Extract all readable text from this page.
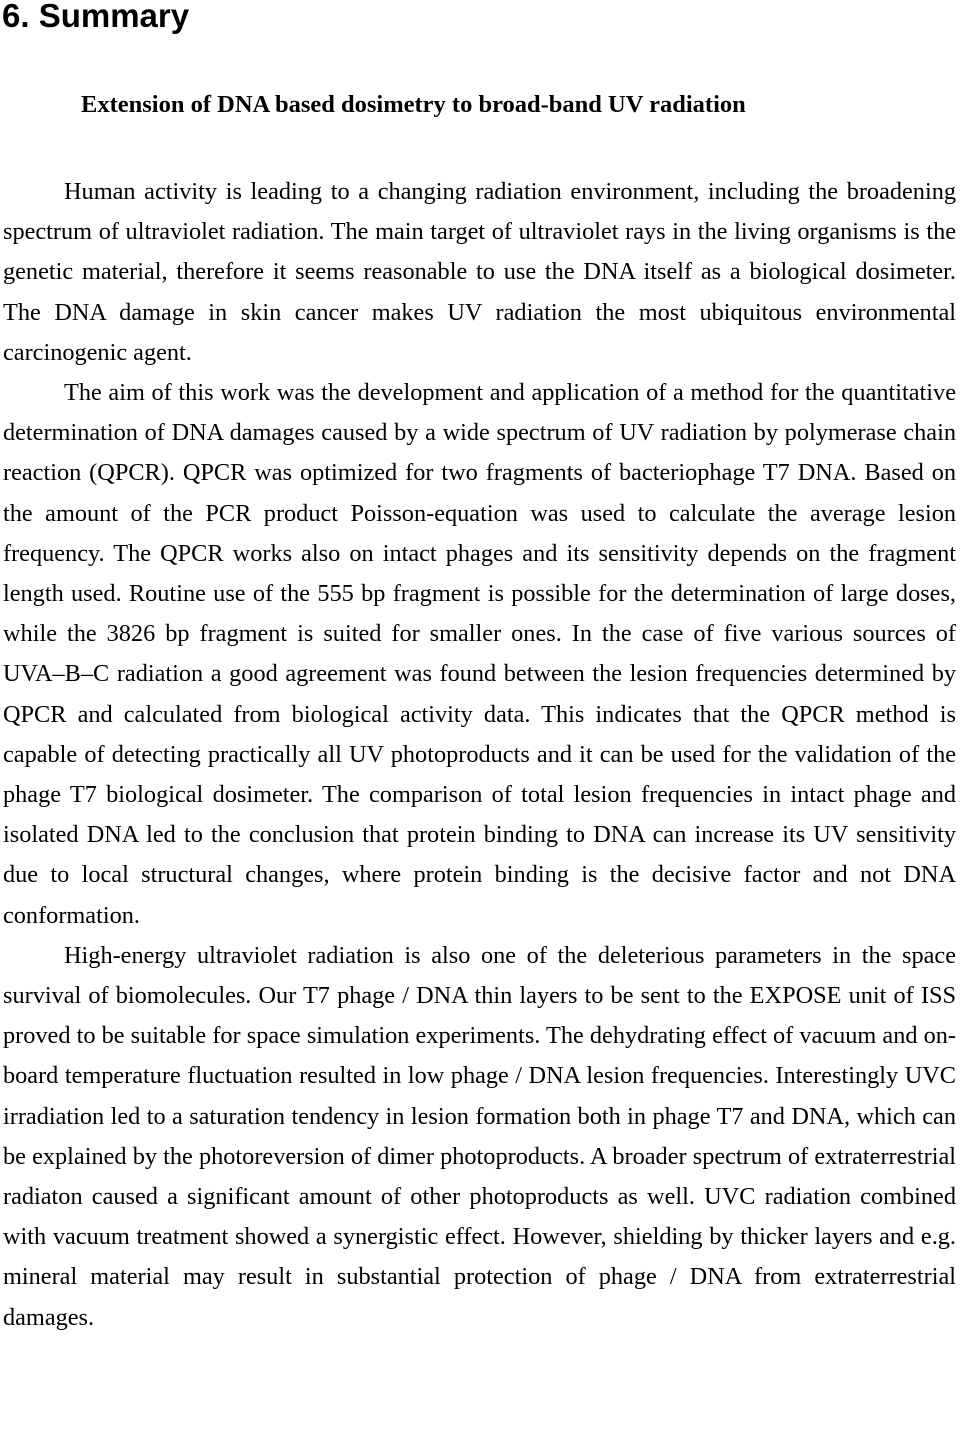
6. Summary
Extension of DNA based dosimetry to broad-band UV radiation

Human activity is leading to a changing radiation environment, including the broadening spectrum of ultraviolet radiation. The main target of ultraviolet rays in the living organisms is the genetic material, therefore it seems reasonable to use the DNA itself as a biological dosimeter. The DNA damage in skin cancer makes UV radiation the most ubiquitous environmental carcinogenic agent.

The aim of this work was the development and application of a method for the quantitative determination of DNA damages caused by a wide spectrum of UV radiation by polymerase chain reaction (QPCR). QPCR was optimized for two fragments of bacteriophage T7 DNA. Based on the amount of the PCR product Poisson-equation was used to calculate the average lesion frequency. The QPCR works also on intact phages and its sensitivity depends on the fragment length used. Routine use of the 555 bp fragment is possible for the determination of large doses, while the 3826 bp fragment is suited for smaller ones. In the case of five various sources of UVA–B–C radiation a good agreement was found between the lesion frequencies determined by QPCR and calculated from biological activity data. This indicates that the QPCR method is capable of detecting practically all UV photoproducts and it can be used for the validation of the phage T7 biological dosimeter. The comparison of total lesion frequencies in intact phage and isolated DNA led to the conclusion that protein binding to DNA can increase its UV sensitivity due to local structural changes, where protein binding is the decisive factor and not DNA conformation.

High-energy ultraviolet radiation is also one of the deleterious parameters in the space survival of biomolecules. Our T7 phage / DNA thin layers to be sent to the EXPOSE unit of ISS proved to be suitable for space simulation experiments. The dehydrating effect of vacuum and on-board temperature fluctuation resulted in low phage / DNA lesion frequencies. Interestingly UVC irradiation led to a saturation tendency in lesion formation both in phage T7 and DNA, which can be explained by the photoreversion of dimer photoproducts. A broader spectrum of extraterrestrial radiaton caused a significant amount of other photoproducts as well. UVC radiation combined with vacuum treatment showed a synergistic effect. However, shielding by thicker layers and e.g. mineral material may result in substantial protection of phage / DNA from extraterrestrial damages.
